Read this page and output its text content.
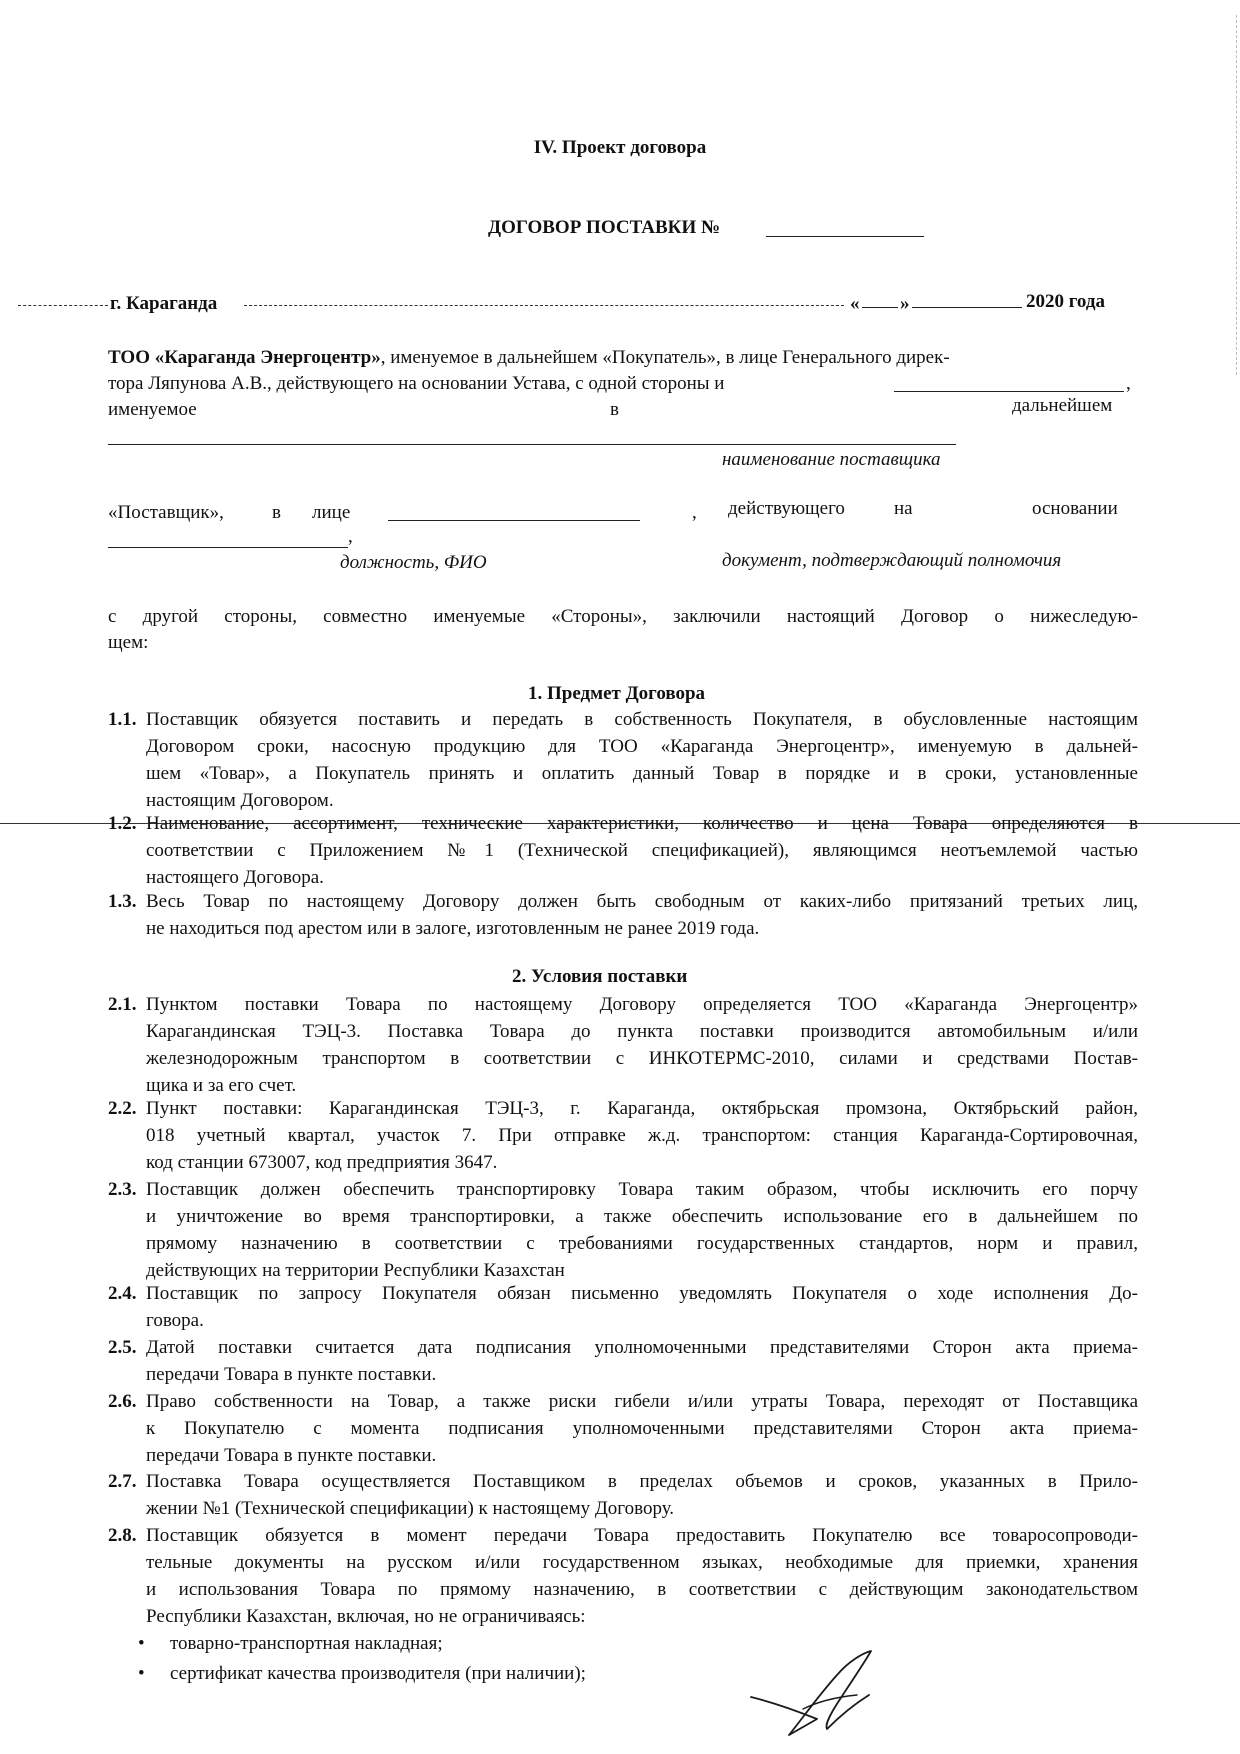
IV. Проект договора
ДОГОВОР ПОСТАВКИ №
г. Караганда	« »	2020 года
ТОО «Караганда Энергоцентр», именуемое в дальнейшем «Покупатель», в лице Генерального дирек-
тора Ляпунова А.В., действующего на основании Устава, с одной стороны и	,
именуемое	в	дальнейшем
наименование поставщика
«Поставщик»,	в лице	, действующего	на	основании
,
должность, ФИО	документ, подтверждающий полномочия
с другой стороны, совместно именуемые «Стороны», заключили настоящий Договор о нижеследую-
щем:
1. Предмет Договора
1.1. Поставщик обязуется поставить и передать в собственность Покупателя, в обусловленные настоящим
Договором сроки, насосную продукцию для ТОО «Караганда Энергоцентр», именуемую в дальней-
шем «Товар», а Покупатель принять и оплатить данный Товар в порядке и в сроки, установленные
настоящим Договором.
1.2. Наименование, ассортимент, технические характеристики, количество и цена Товара определяются в
соответствии с Приложением №1 (Технической спецификацией), являющимся неотъемлемой частью
настоящего Договора.
1.3. Весь Товар по настоящему Договору должен быть свободным от каких-либо притязаний третьих лиц,
не находиться под арестом или в залоге, изготовленным не ранее 2019 года.
2. Условия поставки
2.1. Пунктом поставки Товара по настоящему Договору определяется ТОО «Караганда Энергоцентр»
Карагандинская ТЭЦ-3. Поставка Товара до пункта поставки производится автомобильным и/или
железнодорожным транспортом в соответствии с ИНКОТЕРМС-2010, силами и средствами Постав-
щика и за его счет.
2.2. Пункт поставки: Карагандинская ТЭЦ-3, г. Караганда, октябрьская промзона, Октябрьский район,
018 учетный квартал, участок 7. При отправке ж.д. транспортом: станция Караганда-Сортировочная,
код станции 673007, код предприятия 3647.
2.3. Поставщик должен обеспечить транспортировку Товара таким образом, чтобы исключить его порчу
и уничтожение во время транспортировки, а также обеспечить использование его в дальнейшем по
прямому назначению в соответствии с требованиями государственных стандартов, норм и правил,
действующих на территории Республики Казахстан
2.4. Поставщик по запросу Покупателя обязан письменно уведомлять Покупателя о ходе исполнения До-
говора.
2.5. Датой поставки считается дата подписания уполномоченными представителями Сторон акта приема-
передачи Товара в пункте поставки.
2.6. Право собственности на Товар, а также риски гибели и/или утраты Товара, переходят от Поставщика
к Покупателю с момента подписания уполномоченными представителями Сторон акта приема-
передачи Товара в пункте поставки.
2.7. Поставка Товара осуществляется Поставщиком в пределах объемов и сроков, указанных в Прило-
жении №1 (Технической спецификации) к настоящему Договору.
2.8. Поставщик обязуется в момент передачи Товара предоставить Покупателю все товаросопроводи-
тельные документы на русском и/или государственном языках, необходимые для приемки, хранения
и использования Товара по прямому назначению, в соответствии с действующим законодательством
Республики Казахстан, включая, но не ограничиваясь:
• товарно-транспортная накладная;
• сертификат качества производителя (при наличии);
